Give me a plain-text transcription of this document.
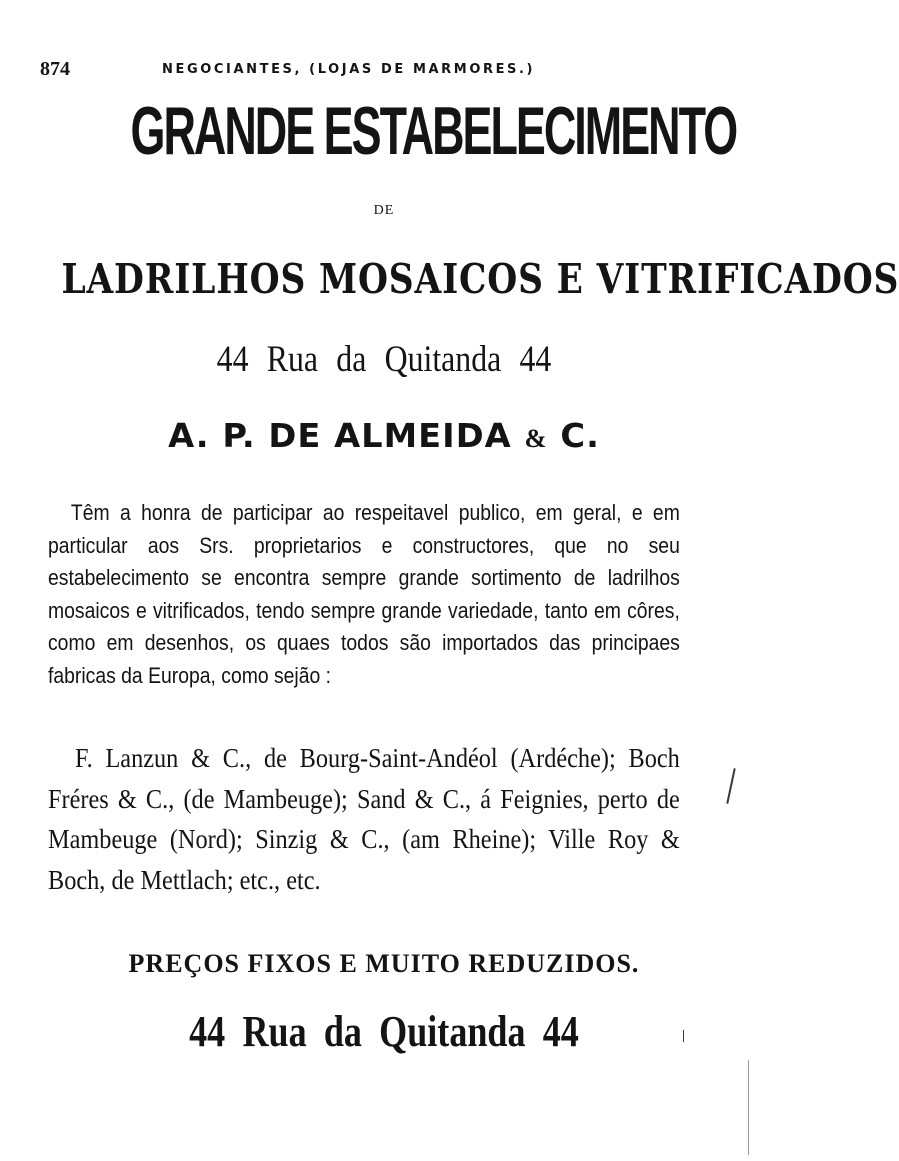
874	NEGOCIANTES, (LOJAS DE MARMORES.)
GRANDE ESTABELECIMENTO
DE
LADRILHOS MOSAICOS E VITRIFICADOS
44 Rua da Quitanda 44
A. P. DE ALMEIDA & C.

Têm a honra de participar ao respeitavel publico, em geral, e em particular aos Srs. proprietarios e constructores, que no seu estabelecimento se encontra sempre grande sortimento de ladrilhos mosaicos e vitrificados, tendo sempre grande variedade, tanto em côres, como em desenhos, os quaes todos são importados das principaes fabricas da Europa, como sejão :

F. Lanzun & C., de Bourg-Saint-Andéol (Ardéche); Boch Fréres & C., (de Mambeuge); Sand & C., á Feignies, perto de Mambeuge (Nord); Sinzig & C., (am Rheine); Ville Roy & Boch, de Mettlach; etc., etc.

PREÇOS FIXOS E MUITO REDUZIDOS.
44 Rua da Quitanda 44
